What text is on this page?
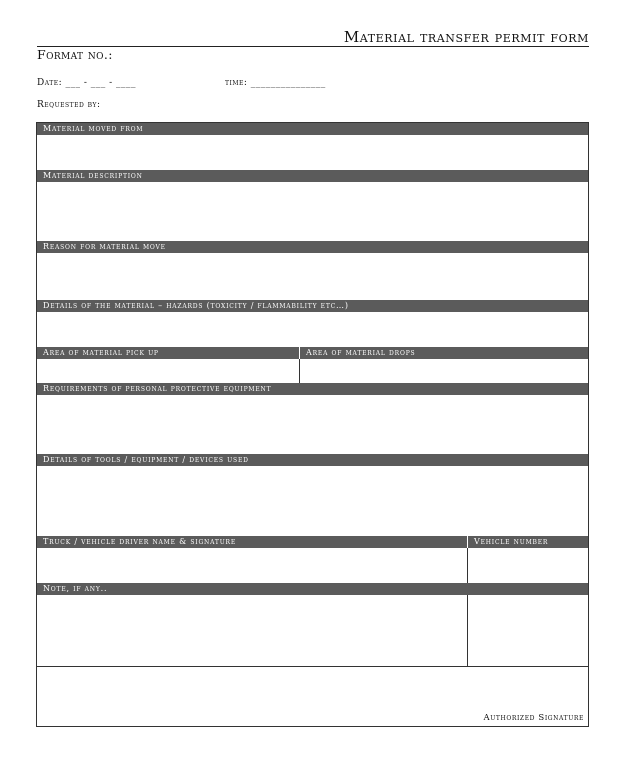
Material transfer permit form
Format no.:
Date: ___ - ___ - ____	time: _______________
Requested by:
Material moved from
Material description
Reason for material move
Details of the material – hazards (toxicity / flammability etc…)
Area of material pick up	Area of material drops
Requirements of personal protective equipment
Details of tools / equipment / devices used
Truck / vehicle driver name & signature	Vehicle number
Note, if any..
Authorized Signature
